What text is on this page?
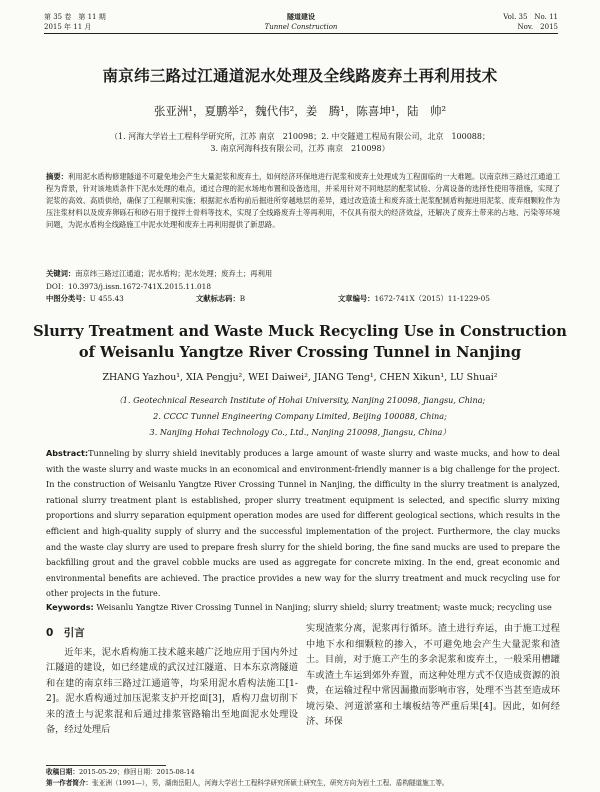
第 35 卷　第 11 期
2015 年 11 月
隧道建设
Tunnel Construction
Vol. 35　No. 11
Nov.　2015
南京纬三路过江通道泥水处理及全线路废弃土再利用技术
张亚洲¹，夏鹏举²，魏代伟²，姜　腾¹，陈喜坤¹，陆　帅²
（1. 河海大学岩土工程科学研究所，江苏 南京　210098；2. 中交隧道工程局有限公司，北京　100088；
3. 南京河海科技有限公司，江苏 南京　210098）
摘要：利用泥水盾构修建隧道不可避免地会产生大量泥浆和废弃土，如何经济环保地进行泥浆和废弃土处理成为工程面临的一大难题。以南京纬三路过江通道工程为背景，针对该地质条件下泥水处理的难点，通过合理的泥水场地布置和设备选用，并采用针对不同地层的配浆试验、分离设备的选择性使用等措施，实现了泥浆的高效、高质供给，确保了工程顺利实施；根据泥水盾构前后掘进所穿越地层的差异，通过改造渣土和废弃渣土泥浆配制盾构掘进用泥浆、废弃细颗粒作为压注浆材料以及废弃卵砾石和砂石用于搅拌土骨料等技术，实现了全线路废弃土等再利用，不仅具有很大的经济效益，还解决了废弃土带来的占地、污染等环境问题，为泥水盾构全线路施工中泥水处理和废弃土再利用提供了新思路。
关键词：南京纬三路过江通道；泥水盾构；泥水处理；废弃土；再利用
DOI：10.3973/j.issn.1672-741X.2015.11.018
中图分类号：U 455.43	文献标志码：B	文章编号：1672-741X（2015）11-1229-05
Slurry Treatment and Waste Muck Recycling Use in Construction of Weisanlu Yangtze River Crossing Tunnel in Nanjing
ZHANG Yazhou¹, XIA Pengju², WEI Daiwei², JIANG Teng¹, CHEN Xikun¹, LU Shuai²
（1. Geotechnical Research Institute of Hohai University, Nanjing 210098, Jiangsu, China;
2. CCCC Tunnel Engineering Company Limited, Beijing 100088, China;
3. Nanjing Hohai Technology Co., Ltd., Nanjing 210098, Jiangsu, China）
Abstract:Tunneling by slurry shield inevitably produces a large amount of waste slurry and waste mucks, and how to deal with the waste slurry and waste mucks in an economical and environment-friendly manner is a big challenge for the project. In the construction of Weisanlu Yangtze River Crossing Tunnel in Nanjing, the difficulty in the slurry treatment is analyzed, rational slurry treatment plant is established, proper slurry treatment equipment is selected, and specific slurry mixing proportions and slurry separation equipment operation modes are used for different geological sections, which results in the efficient and high-quality supply of slurry and the successful implementation of the project. Furthermore, the clay mucks and the waste clay slurry are used to prepare fresh slurry for the shield boring, the fine sand mucks are used to prepare the backfilling grout and the gravel cobble mucks are used as aggregate for concrete mixing. In the end, great economic and environmental benefits are achieved. The practice provides a new way for the slurry treatment and muck recycling use for other projects in the future.
Keywords: Weisanlu Yangtze River Crossing Tunnel in Nanjing; slurry shield; slurry treatment; waste muck; recycling use
0　引言
近年来，泥水盾构施工技术越来越广泛地应用于国内外过江隧道的建设，如已经建成的武汉过江隧道、日本东京湾隧道和在建的南京纬三路过江通道等，均采用泥水盾构法施工[1-2]。泥水盾构通过加压泥浆支护开挖面[3]，盾构刀盘切削下来的渣土与泥浆混和后通过排浆管路输出至地面泥水处理设备，经过处理后
实现渣浆分离，泥浆再行循环。渣土进行弃运，由于施工过程中地下水和细颗粒的掺入，不可避免地会产生大量泥浆和渣土。目前，对于施工产生的多余泥浆和废弃土，一般采用槽罐车或渣土车运到郊外弃置，而这种处理方式不仅造成资源的浪费，在运输过程中常因漏撒而影响市容，处理不当甚至造成环境污染、河道淤塞和土壤板结等严重后果[4]。因此，如何经济、环保
收稿日期：2015-05-29；修回日期：2015-08-14
第一作者简介：张亚洲（1991—），男，湖南岳阳人，河海大学岩土工程科学研究所硕士研究生，研究方向为岩土工程、盾构隧道施工等。
